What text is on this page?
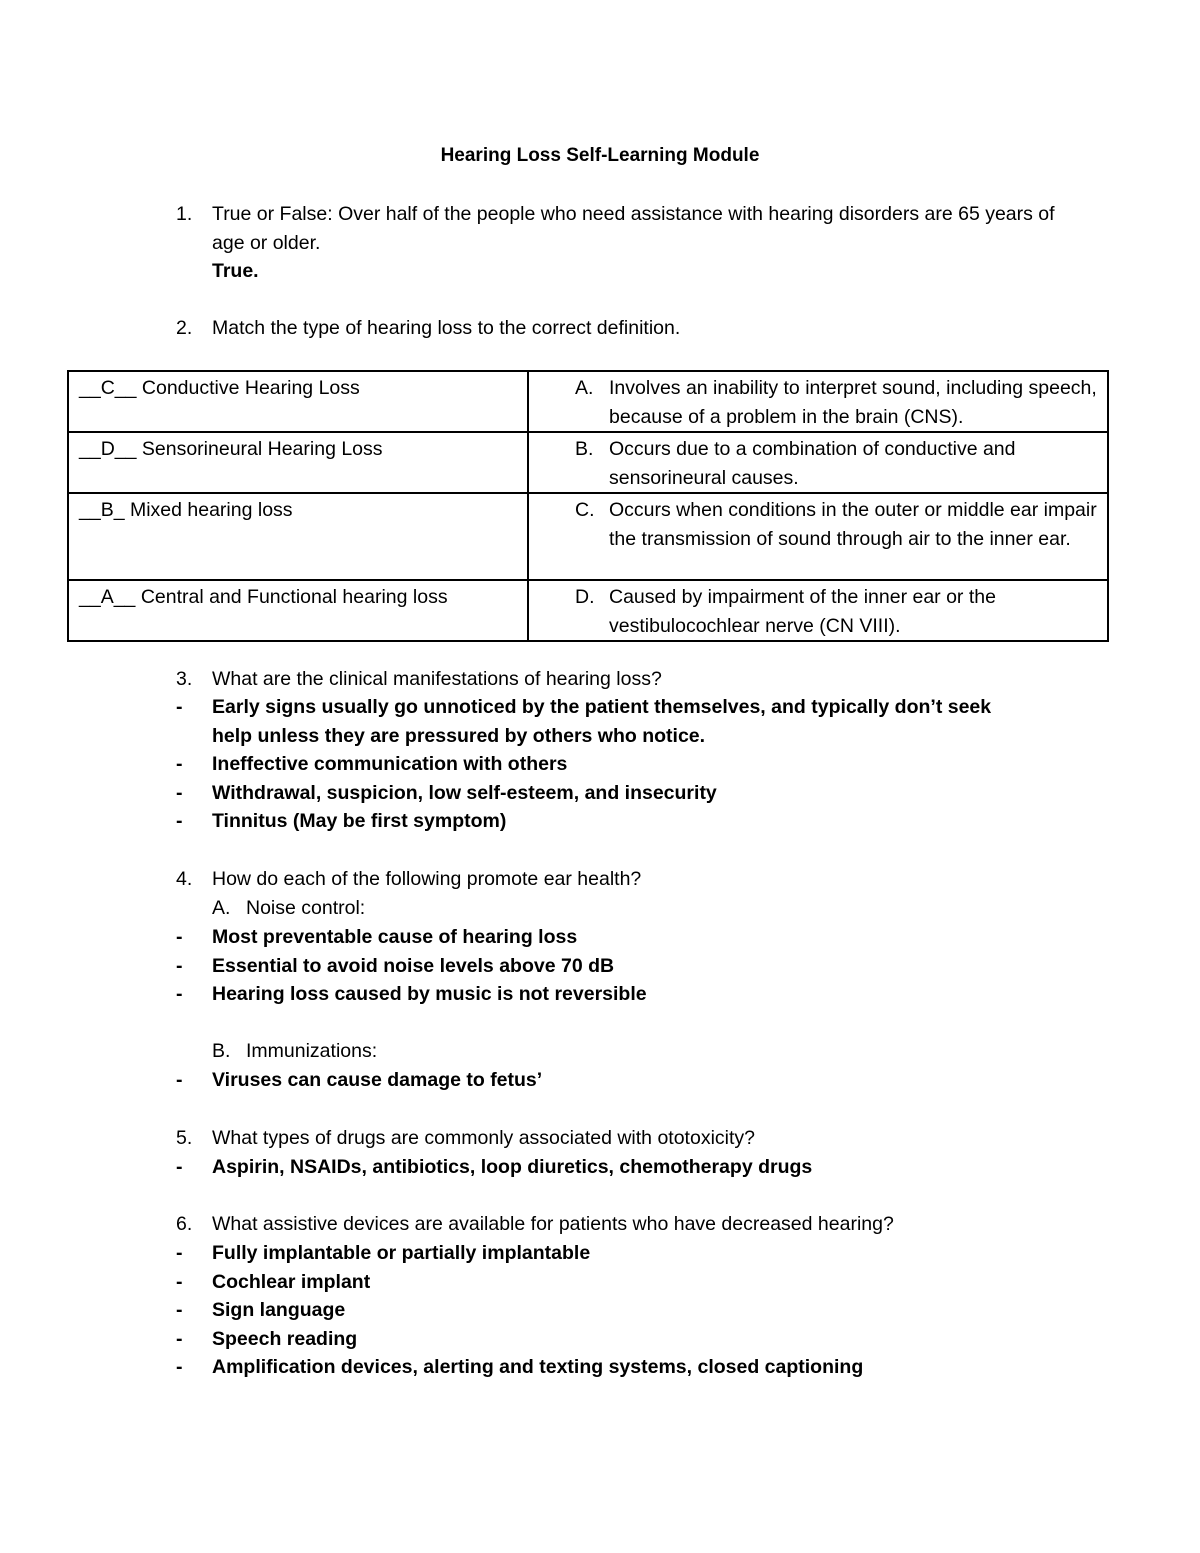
Hearing Loss Self-Learning Module
1.	True or False: Over half of the people who need assistance with hearing disorders are 65 years of age or older.
True.
2.	Match the type of hearing loss to the correct definition.
__C__ Conductive Hearing Loss	A. Involves an inability to interpret sound, including speech, because of a problem in the brain (CNS).

__D__ Sensorineural Hearing Loss	B. Occurs due to a combination of conductive and sensorineural causes.

__B_ Mixed hearing loss	C. Occurs when conditions in the outer or middle ear impair the transmission of sound through air to the inner ear.

__A__ Central and Functional hearing loss	D. Caused by impairment of the inner ear or the vestibulocochlear nerve (CN VIII).
3.	What are the clinical manifestations of hearing loss?
-	Early signs usually go unnoticed by the patient themselves, and typically don’t seek help unless they are pressured by others who notice.
-	Ineffective communication with others
-	Withdrawal, suspicion, low self-esteem, and insecurity
-	Tinnitus (May be first symptom)
4.	How do each of the following promote ear health?
A. Noise control:
-	Most preventable cause of hearing loss
-	Essential to avoid noise levels above 70 dB
-	Hearing loss caused by music is not reversible
B. Immunizations:
-	Viruses can cause damage to fetus’
5.	What types of drugs are commonly associated with ototoxicity?
-	Aspirin, NSAIDs, antibiotics, loop diuretics, chemotherapy drugs
6.	What assistive devices are available for patients who have decreased hearing?
-	Fully implantable or partially implantable
-	Cochlear implant
-	Sign language
-	Speech reading
-	Amplification devices, alerting and texting systems, closed captioning
